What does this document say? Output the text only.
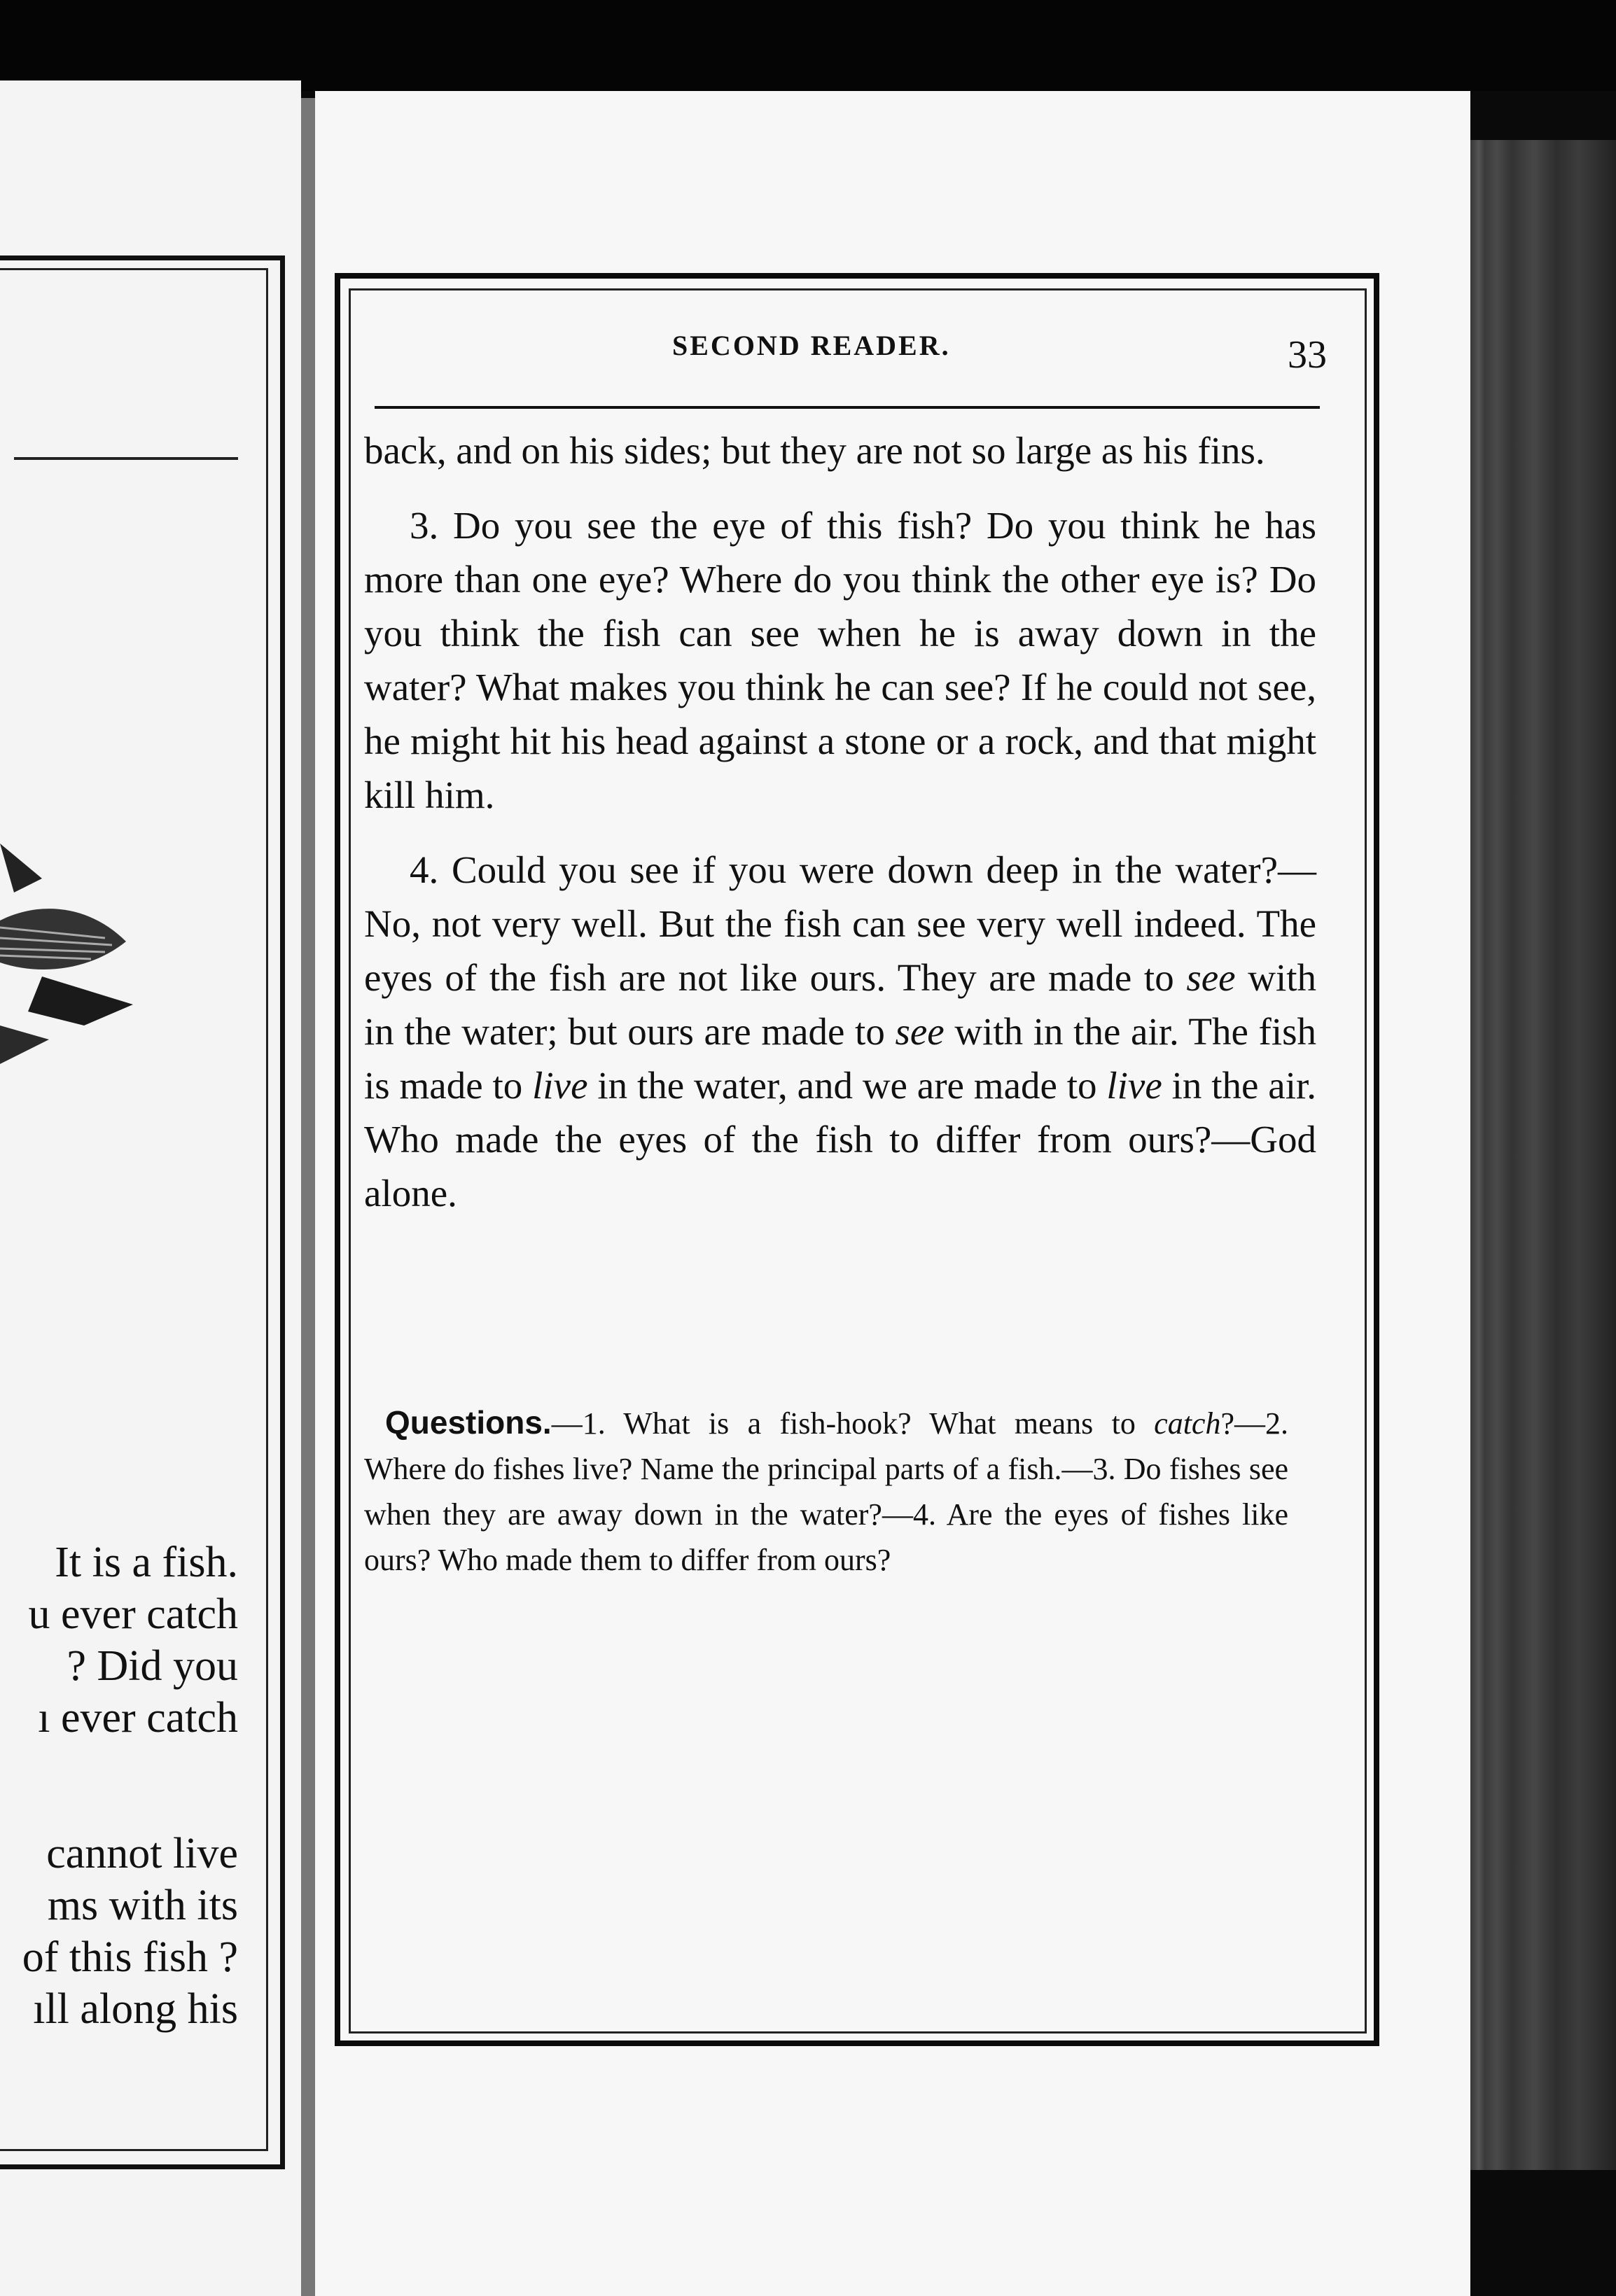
It is a fish.
u ever catch
? Did you
ı ever catch
cannot live
ms with its
of this fish ?
ıll along his
SECOND READER.	33

back, and on his sides; but they are not so large as his fins.

3. Do you see the eye of this fish? Do you think he has more than one eye? Where do you think the other eye is? Do you think the fish can see when he is away down in the water? What makes you think he can see? If he could not see, he might hit his head against a stone or a rock, and that might kill him.

4. Could you see if you were down deep in the water?—No, not very well. But the fish can see very well indeed. The eyes of the fish are not like ours. They are made to see with in the water; but ours are made to see with in the air. The fish is made to live in the water, and we are made to live in the air. Who made the eyes of the fish to differ from ours?—God alone.

Questions.—1. What is a fish-hook? What means to catch?—2. Where do fishes live? Name the principal parts of a fish.—3. Do fishes see when they are away down in the water?—4. Are the eyes of fishes like ours? Who made them to differ from ours?
